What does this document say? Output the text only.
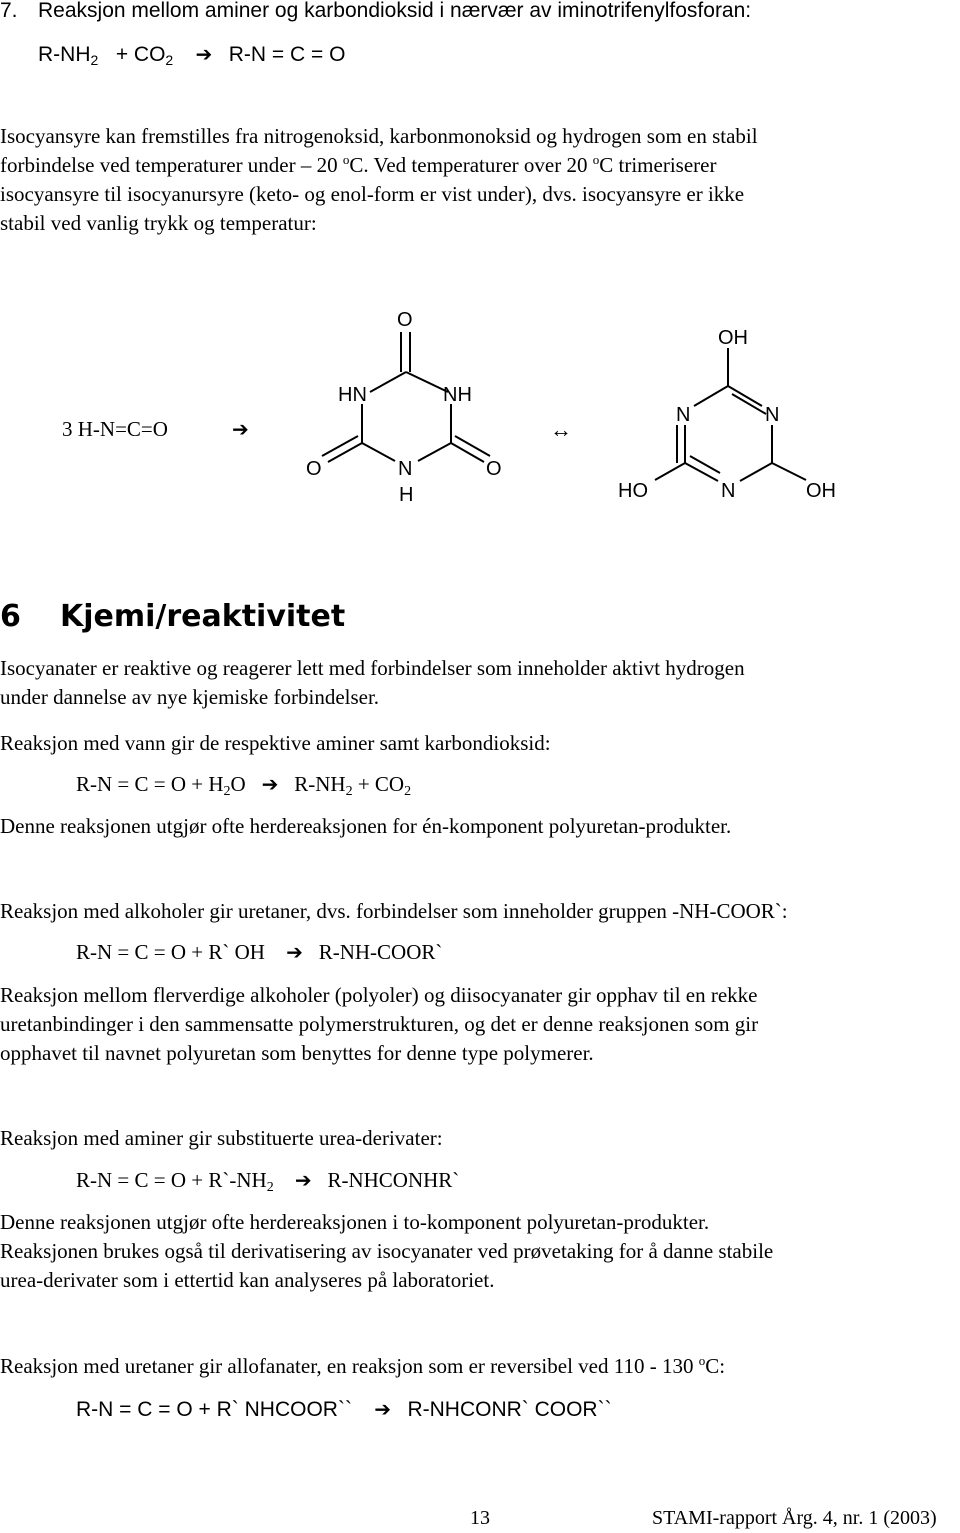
7. Reaksjon mellom aminer og karbondioksid i nærvær av iminotrifenylfosforan:

$R-NH_2 + CO_2$ ➔ R-N = C = O

Isocyansyre kan fremstilles fra nitrogenoksid, karbonmonoksid og hydrogen som en stabil

forbindelse ved temperaturer under – 20 $^o$C. Ved temperaturer over 20 $^o$C trimeriserer

isocyansyre til isocyanursyre (keto- og enol-form er vist under), dvs. isocyansyre er ikke

stabil ved vanlig trykk og temperatur:

3 H-N=C=O	➔
O
HN	NH
O	N
H
O
↔
OH
N	N
HO	N	OH
6 Kjemi/reaktivitet

Isocyanater er reaktive og reagerer lett med forbindelser som inneholder aktivt hydrogen

under dannelse av nye kjemiske forbindelser.

Reaksjon med vann gir de respektive aminer samt karbondioksid:

$R-N = C = O + H_2O$ ➔ $R-NH_2 + CO_2$

Denne reaksjonen utgjør ofte herdereaksjonen for én-komponent polyuretan-produkter.

Reaksjon med alkoholer gir uretaner, dvs. forbindelser som inneholder gruppen -NH-COOR`:

R-N = C = O + R` OH ➔ R-NH-COOR`

Reaksjon mellom flerverdige alkoholer (polyoler) og diisocyanater gir opphav til en rekke

uretanbindinger i den sammensatte polymerstrukturen, og det er denne reaksjonen som gir

opphavet til navnet polyuretan som benyttes for denne type polymerer.

Reaksjon med aminer gir substituerte urea-derivater:

$R-N = C = O + R`-NH_2$ ➔ R-NHCONHR`

Denne reaksjonen utgjør ofte herdereaksjonen i to-komponent polyuretan-produkter.

Reaksjonen brukes også til derivatisering av isocyanater ved prøvetaking for å danne stabile

urea-derivater som i ettertid kan analyseres på laboratoriet.

Reaksjon med uretaner gir allofanater, en reaksjon som er reversibel ved 110 - 130 $^o$C:

R-N = C = O + R` NHCOOR`` ➔ R-NHCONR` COOR``
13	STAMI-rapport Årg. 4, nr. 1 (2003)
